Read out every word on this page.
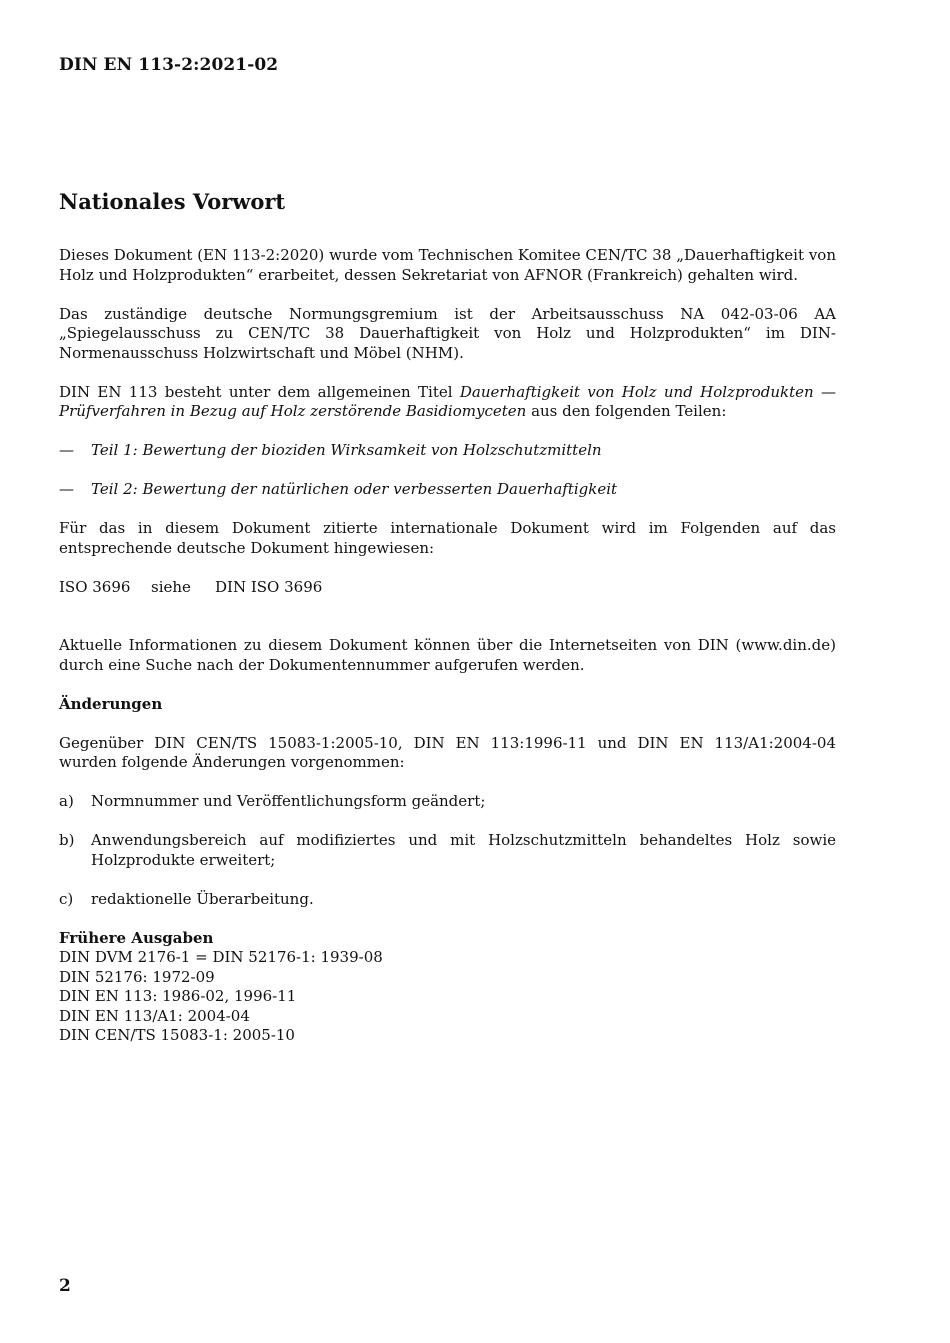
DIN EN 113-2:2021-02
Nationales Vorwort

Dieses Dokument (EN 113-2:2020) wurde vom Technischen Komitee CEN/TC 38 „Dauerhaftigkeit von Holz und Holzprodukten“ erarbeitet, dessen Sekretariat von AFNOR (Frankreich) gehalten wird.

Das zuständige deutsche Normungsgremium ist der Arbeitsausschuss NA 042-03-06 AA „Spiegelausschuss zu CEN/TC 38 Dauerhaftigkeit von Holz und Holzprodukten“ im DIN-Normenausschuss Holzwirtschaft und Möbel (NHM).

DIN EN 113 besteht unter dem allgemeinen Titel Dauerhaftigkeit von Holz und Holzprodukten — Prüfverfahren in Bezug auf Holz zerstörende Basidiomyceten aus den folgenden Teilen:

—	Teil 1: Bewertung der bioziden Wirksamkeit von Holzschutzmitteln
—	Teil 2: Bewertung der natürlichen oder verbesserten Dauerhaftigkeit

Für das in diesem Dokument zitierte internationale Dokument wird im Folgenden auf das entsprechende deutsche Dokument hingewiesen:

ISO 3696	siehe	DIN ISO 3696

Aktuelle Informationen zu diesem Dokument können über die Internetseiten von DIN (www.din.de) durch eine Suche nach der Dokumentennummer aufgerufen werden.

Änderungen

Gegenüber DIN CEN/TS 15083-1:2005-10, DIN EN 113:1996-11 und DIN EN 113/A1:2004-04 wurden folgende Änderungen vorgenommen:

a)	Normnummer und Veröffentlichungsform geändert;
b)	Anwendungsbereich auf modifiziertes und mit Holzschutzmitteln behandeltes Holz sowie Holzprodukte erweitert;
c)	redaktionelle Überarbeitung.
Frühere Ausgaben
DIN DVM 2176-1 = DIN 52176-1: 1939-08
DIN 52176: 1972-09
DIN EN 113: 1986-02, 1996-11
DIN EN 113/A1: 2004-04
DIN CEN/TS 15083-1: 2005-10
2
